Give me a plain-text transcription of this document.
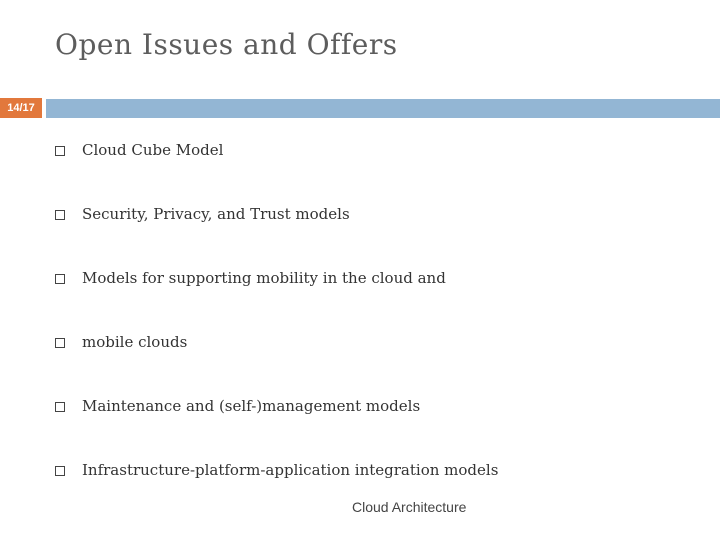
Open Issues and Offers
14/17
Cloud Cube Model
Security, Privacy, and Trust models
Models for supporting mobility in the cloud and
mobile clouds
Maintenance and (self-)management models
Infrastructure-platform-application integration models
Cloud Architecture
